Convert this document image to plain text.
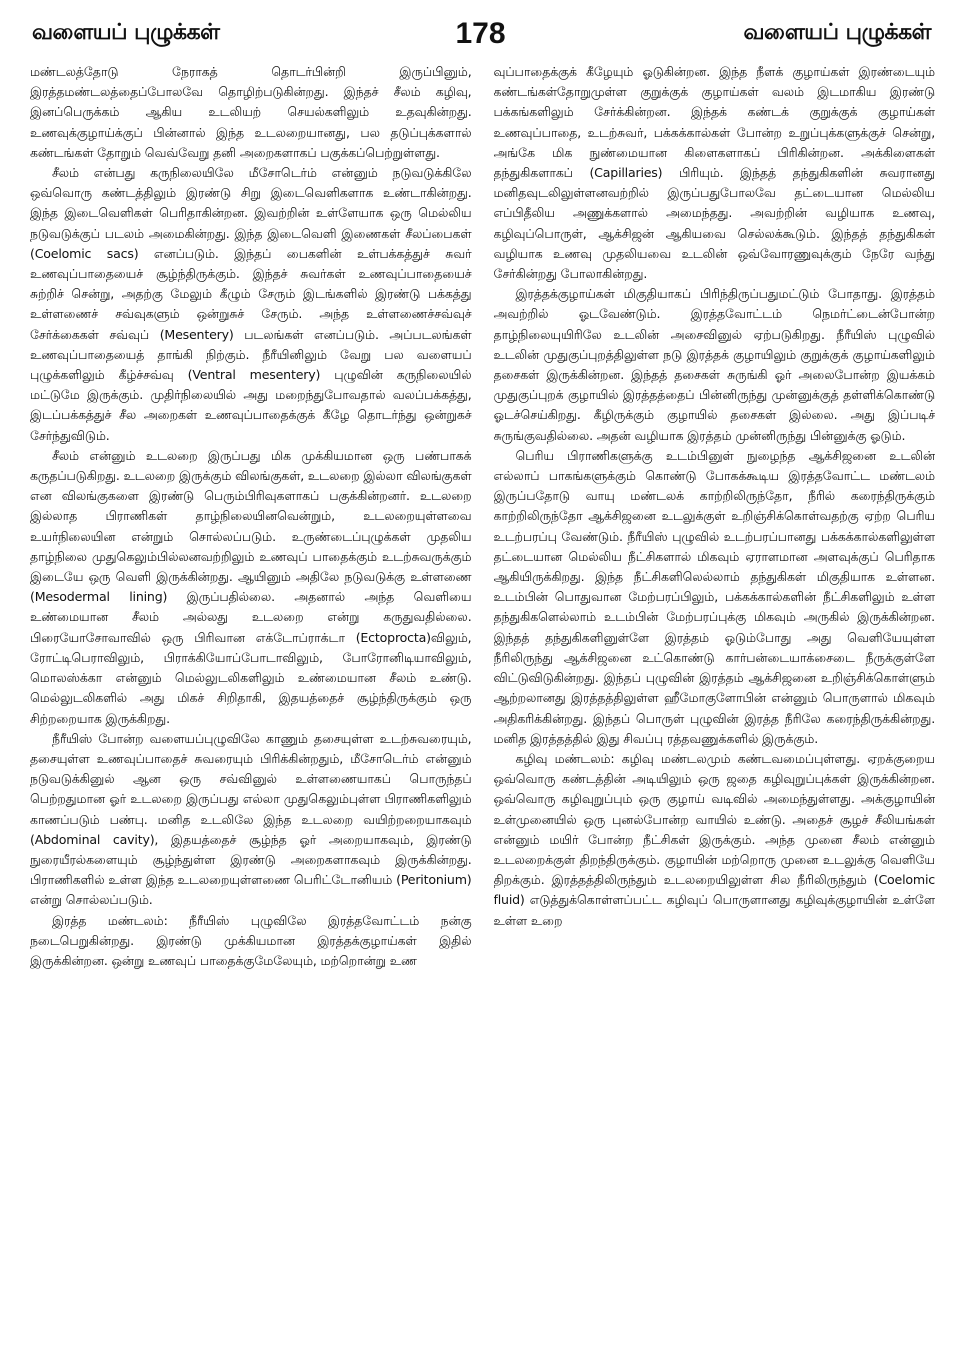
வளையப் புழுக்கள்	178	வளையப் புழுக்கள்

மண்டலத்தோடு நேராகத் தொடர்பின்றி இருப்பினும், இரத்தமண்டலத்தைப்போலவே தொழிற்படுகின்றது. இந்தச் சீலம் கழிவு, இனப்பெருக்கம் ஆகிய உடலியற் செயல்களிலும் உதவுகின்றது. உணவுக்குழாய்க்குப் பின்னால் இந்த உடலறையானது, பல தடுப்புக்களால் கண்டங்கள் தோறும் வெவ்வேறு தனி அறைகளாகப் பகுக்கப்பெற்றுள்ளது.

சீலம் என்பது கருநிலையிலே மீசோடெர்ம் என்னும் நடுவடுக்கிலே ஒவ்வொரு கண்டத்திலும் இரண்டு சிறு இடைவெளிகளாக உண்டாகின்றது. இந்த இடைவெளிகள் பெரிதாகின்றன. இவற்றின் உள்ளேயாக ஒரு மெல்லிய நடுவடுக்குப் படலம் அமைகின்றது. இந்த இடைவெளி இணைகள் சீலப்பைகள் (Coelomic sacs) எனப்படும். இந்தப் பைகளின் உள்பக்கத்துச் சுவர் உணவுப்பாதையைச் சூழ்ந்திருக்கும். இந்தச் சுவர்கள் உணவுப்பாதையைச் சுற்றிச் சென்று, அதற்கு மேலும் கீழும் சேரும் இடங்களில் இரண்டு பக்கத்து உள்ளணைச் சவ்வுகளும் ஒன்றுசுச் சேரும். அந்த உள்ளணைச்சவ்வுச் சேர்க்கைகள் சவ்வுப் (Mesentery) படலங்கள் எனப்படும். அப்படலங்கள் உணவுப்பாதையைத் தாங்கி நிற்கும். நீரீயினிலும் வேறு பல வளையப் புழுக்களிலும் கீழ்ச்சவ்வு (Ventral mesentery) புழுவின் கருநிலையில் மட்டுமே இருக்கும். முதிர்நிலையில் அது மறைந்துபோவதால் வலப்பக்கத்து, இடப்பக்கத்துச் சீல அறைகள் உணவுப்பாதைக்குக் கீழே தொடர்ந்து ஒன்றுகச் சேர்ந்துவிடும்.

சீலம் என்னும் உடலறை இருப்பது மிக முக்கியமான ஒரு பண்பாகக் கருதப்படுகிறது. உடலறை இருக்கும் விலங்குகள், உடலறை இல்லா விலங்குகள் என விலங்குகளை இரண்டு பெரும்பிரிவுகளாகப் பகுக்கின்றனர். உடலறை இல்லாத பிராணிகள் தாழ்நிலையினவென்றும், உடலறையுள்ளவை உயர்நிலையின என்றும் சொல்லப்படும். உருண்டைப்புழுக்கள் முதலிய தாழ்நிலை முதுகெலும்பில்லனவற்றிலும் உணவுப் பாதைக்கும் உடற்சுவருக்கும் இடையே ஒரு வெளி இருக்கின்றது. ஆயினும் அதிலே நடுவடுக்கு உள்ளணை (Mesodermal lining) இருப்பதில்லை. அதனால் அந்த வெளியை உண்மையான சீலம் அல்லது உடலறை என்று கருதுவதில்லை. பிரையோசோவாவில் ஒரு பிரிவான எக்டோப்ராக்டா (Ectoprocta)விலும், ரோட்டிபெராவிலும், பிராக்கியோப்போடாவிலும், போரோனிடியாவிலும், மொலஸ்க்கா என்னும் மெல்லுடலிகளிலும் உண்மையான சீலம் உண்டு. மெல்லுடலிகளில் அது மிகச் சிறிதாகி, இதயத்தைச் சூழ்ந்திருக்கும் ஒரு சிற்றறையாக இருக்கிறது.

நீரீயிஸ் போன்ற வளையப்புழுவிலே காணும் தசையுள்ள உடற்சுவரையும், தசையுள்ள உணவுப்பாதைச் சுவரையும் பிரிக்கின்றதும், மீசோடெர்ம் என்னும் நடுவடுக்கினுல் ஆன ஒரு சவ்வினுல் உள்ளணையாகப் பொருந்தப் பெற்றதுமான ஓர் உடலறை இருப்பது எல்லா முதுகெலும்புள்ள பிராணிகளிலும் காணப்படும் பண்பு. மனித உடலிலே இந்த உடலறை வயிற்றறையாகவும் (Abdominal cavity), இதயத்தைச் சூழ்ந்த ஓர் அறையாகவும், இரண்டு நுரையீரல்களையும் சூழ்ந்துள்ள இரண்டு அறைகளாகவும் இருக்கின்றது. பிராணிகளில் உள்ள இந்த உடலறையுள்ளணை பெரிட்டோனியம் (Peritonium) என்று சொல்லப்படும்.

இரத்த மண்டலம்: நீரீயிஸ் புழுவிலே இரத்தவோட்டம் நன்கு நடைபெறுகின்றது. இரண்டு முக்கியமான இரத்தக்குழாய்கள் இதில் இருக்கின்றன. ஒன்று உணவுப் பாதைக்குமேலேயும், மற்றொன்று உண

வுப்பாதைக்குக் கீழேயும் ஓடுகின்றன. இந்த நீளக் குழாய்கள் இரண்டையும் கண்டங்கள்தோறுமுள்ள குறுக்குக் குழாய்கள் வலம் இடமாகிய இரண்டு பக்கங்களிலும் சேர்க்கின்றன. இந்தக் கண்டக் குறுக்குக் குழாய்கள் உணவுப்பாதை, உடற்சுவர், பக்கக்கால்கள் போன்ற உறுப்புக்களுக்குச் சென்று, அங்கே மிக நுண்மையான கிளைகளாகப் பிரிகின்றன. அக்கிளைகள் தந்துகிகளாகப் (Capillaries) பிரியும். இந்தத் தந்துகிகளின் சுவரானது மனிதவுடலிலுள்ளனவற்றில் இருப்பதுபோலவே தட்டையான மெல்லிய எப்பிதீலிய அணுக்களால் அமைந்தது. அவற்றின் வழியாக உணவு, கழிவுப்பொருள், ஆக்சிஜன் ஆகியவை செல்லக்கூடும். இந்தத் தந்துகிகள் வழியாக உணவு முதலியவை உடலின் ஒவ்வோரணுவுக்கும் நேரே வந்து சேர்கின்றது போலாகின்றது.

இரத்தக்குழாய்கள் மிகுதியாகப் பிரிந்திருப்பதுமட்டும் போதாது. இரத்தம் அவற்றில் ஓடவேண்டும். இரத்தவோட்டம் நெமர்ட்டைன்போன்ற தாழ்நிலையுயிரிலே உடலின் அசைவினுல் ஏற்படுகிறது. நீரீயிஸ் புழுவில் உடலின் முதுகுப்புறத்திலுள்ள நடு இரத்தக் குழாயிலும் குறுக்குக் குழாய்களிலும் தசைகள் இருக்கின்றன. இந்தத் தசைகள் சுருங்கி ஓர் அலைபோன்ற இயக்கம் முதுகுப்புறக் குழாயில் இரத்தத்தைப் பின்னிருந்து முன்னுக்குத் தள்ளிக்கொண்டு ஓடச்செய்கிறது. கீழிருக்கும் குழாயில் தசைகள் இல்லை. அது இப்படிச் சுருங்குவதில்லை. அதன் வழியாக இரத்தம் முன்னிருந்து பின்னுக்கு ஓடும்.

பெரிய பிராணிகளுக்கு உடம்பினுள் நுழைந்த ஆக்சிஜனை உடலின் எல்லாப் பாகங்களுக்கும் கொண்டு போகக்கூடிய இரத்தவோட்ட மண்டலம் இருப்பதோடு வாயு மண்டலக் காற்றிலிருந்தோ, நீரில் கரைந்திருக்கும் காற்றிலிருந்தோ ஆக்சிஜனை உடலுக்குள் உறிஞ்சிக்கொள்வதற்கு ஏற்ற பெரிய உடற்பரப்பு வேண்டும். நீரீயிஸ் புழுவில் உடற்பரப்பானது பக்கக்கால்களிலுள்ள தட்டையான மெல்லிய நீட்சிகளால் மிகவும் ஏராளமான அளவுக்குப் பெரிதாக ஆகியிருக்கிறது. இந்த நீட்சிகளிலெல்லாம் தந்துகிகள் மிகுதியாக உள்ளன. உடம்பின் பொதுவான மேற்பரப்பிலும், பக்கக்கால்களின் நீட்சிகளிலும் உள்ள தந்துகிகளெல்லாம் உடம்பின் மேற்பரப்புக்கு மிகவும் அருகில் இருக்கின்றன. இந்தத் தந்துகிகளினுள்ளே இரத்தம் ஓடும்போது அது வெளியேயுள்ள நீரிலிருந்து ஆக்சிஜனை உட்கொண்டு கார்பன்டையாக்சைடை நீருக்குள்ளே விட்டுவிடுகின்றது. இந்தப் புழுவின் இரத்தம் ஆக்சிஜனை உறிஞ்சிக்கொள்ளும் ஆற்றலானது இரத்தத்திலுள்ள ஹீமோகுளோபின் என்னும் பொருளால் மிகவும் அதிகரிக்கின்றது. இந்தப் பொருள் புழுவின் இரத்த நீரிலே கரைந்திருக்கின்றது. மனித இரத்தத்தில் இது சிவப்பு ரத்தவணுக்களில் இருக்கும்.

கழிவு மண்டலம்: கழிவு மண்டலமும் கண்டவமைப்புள்ளது. ஏறக்குறைய ஒவ்வொரு கண்டத்தின் அடியிலும் ஒரு ஜதை கழிவுறுப்புக்கள் இருக்கின்றன. ஒவ்வொரு கழிவுறுப்பும் ஒரு குழாய் வடிவில் அமைந்துள்ளது. அக்குழாயின் உள்முனையில் ஒரு புனல்போன்ற வாயில் உண்டு. அதைச் சூழச் சீலியங்கள் என்னும் மயிர் போன்ற நீட்சிகள் இருக்கும். அந்த முனை சீலம் என்னும் உடலறைக்குள் திறந்திருக்கும். குழாயின் மற்றொரு முனை உடலுக்கு வெளியே திறக்கும். இரத்தத்திலிருந்தும் உடலறையிலுள்ள சில நீரிலிருந்தும் (Coelomic fluid) எடுத்துக்கொள்ளப்பட்ட கழிவுப் பொருளானது கழிவுக்குழாயின் உள்ளே உள்ள உறை
